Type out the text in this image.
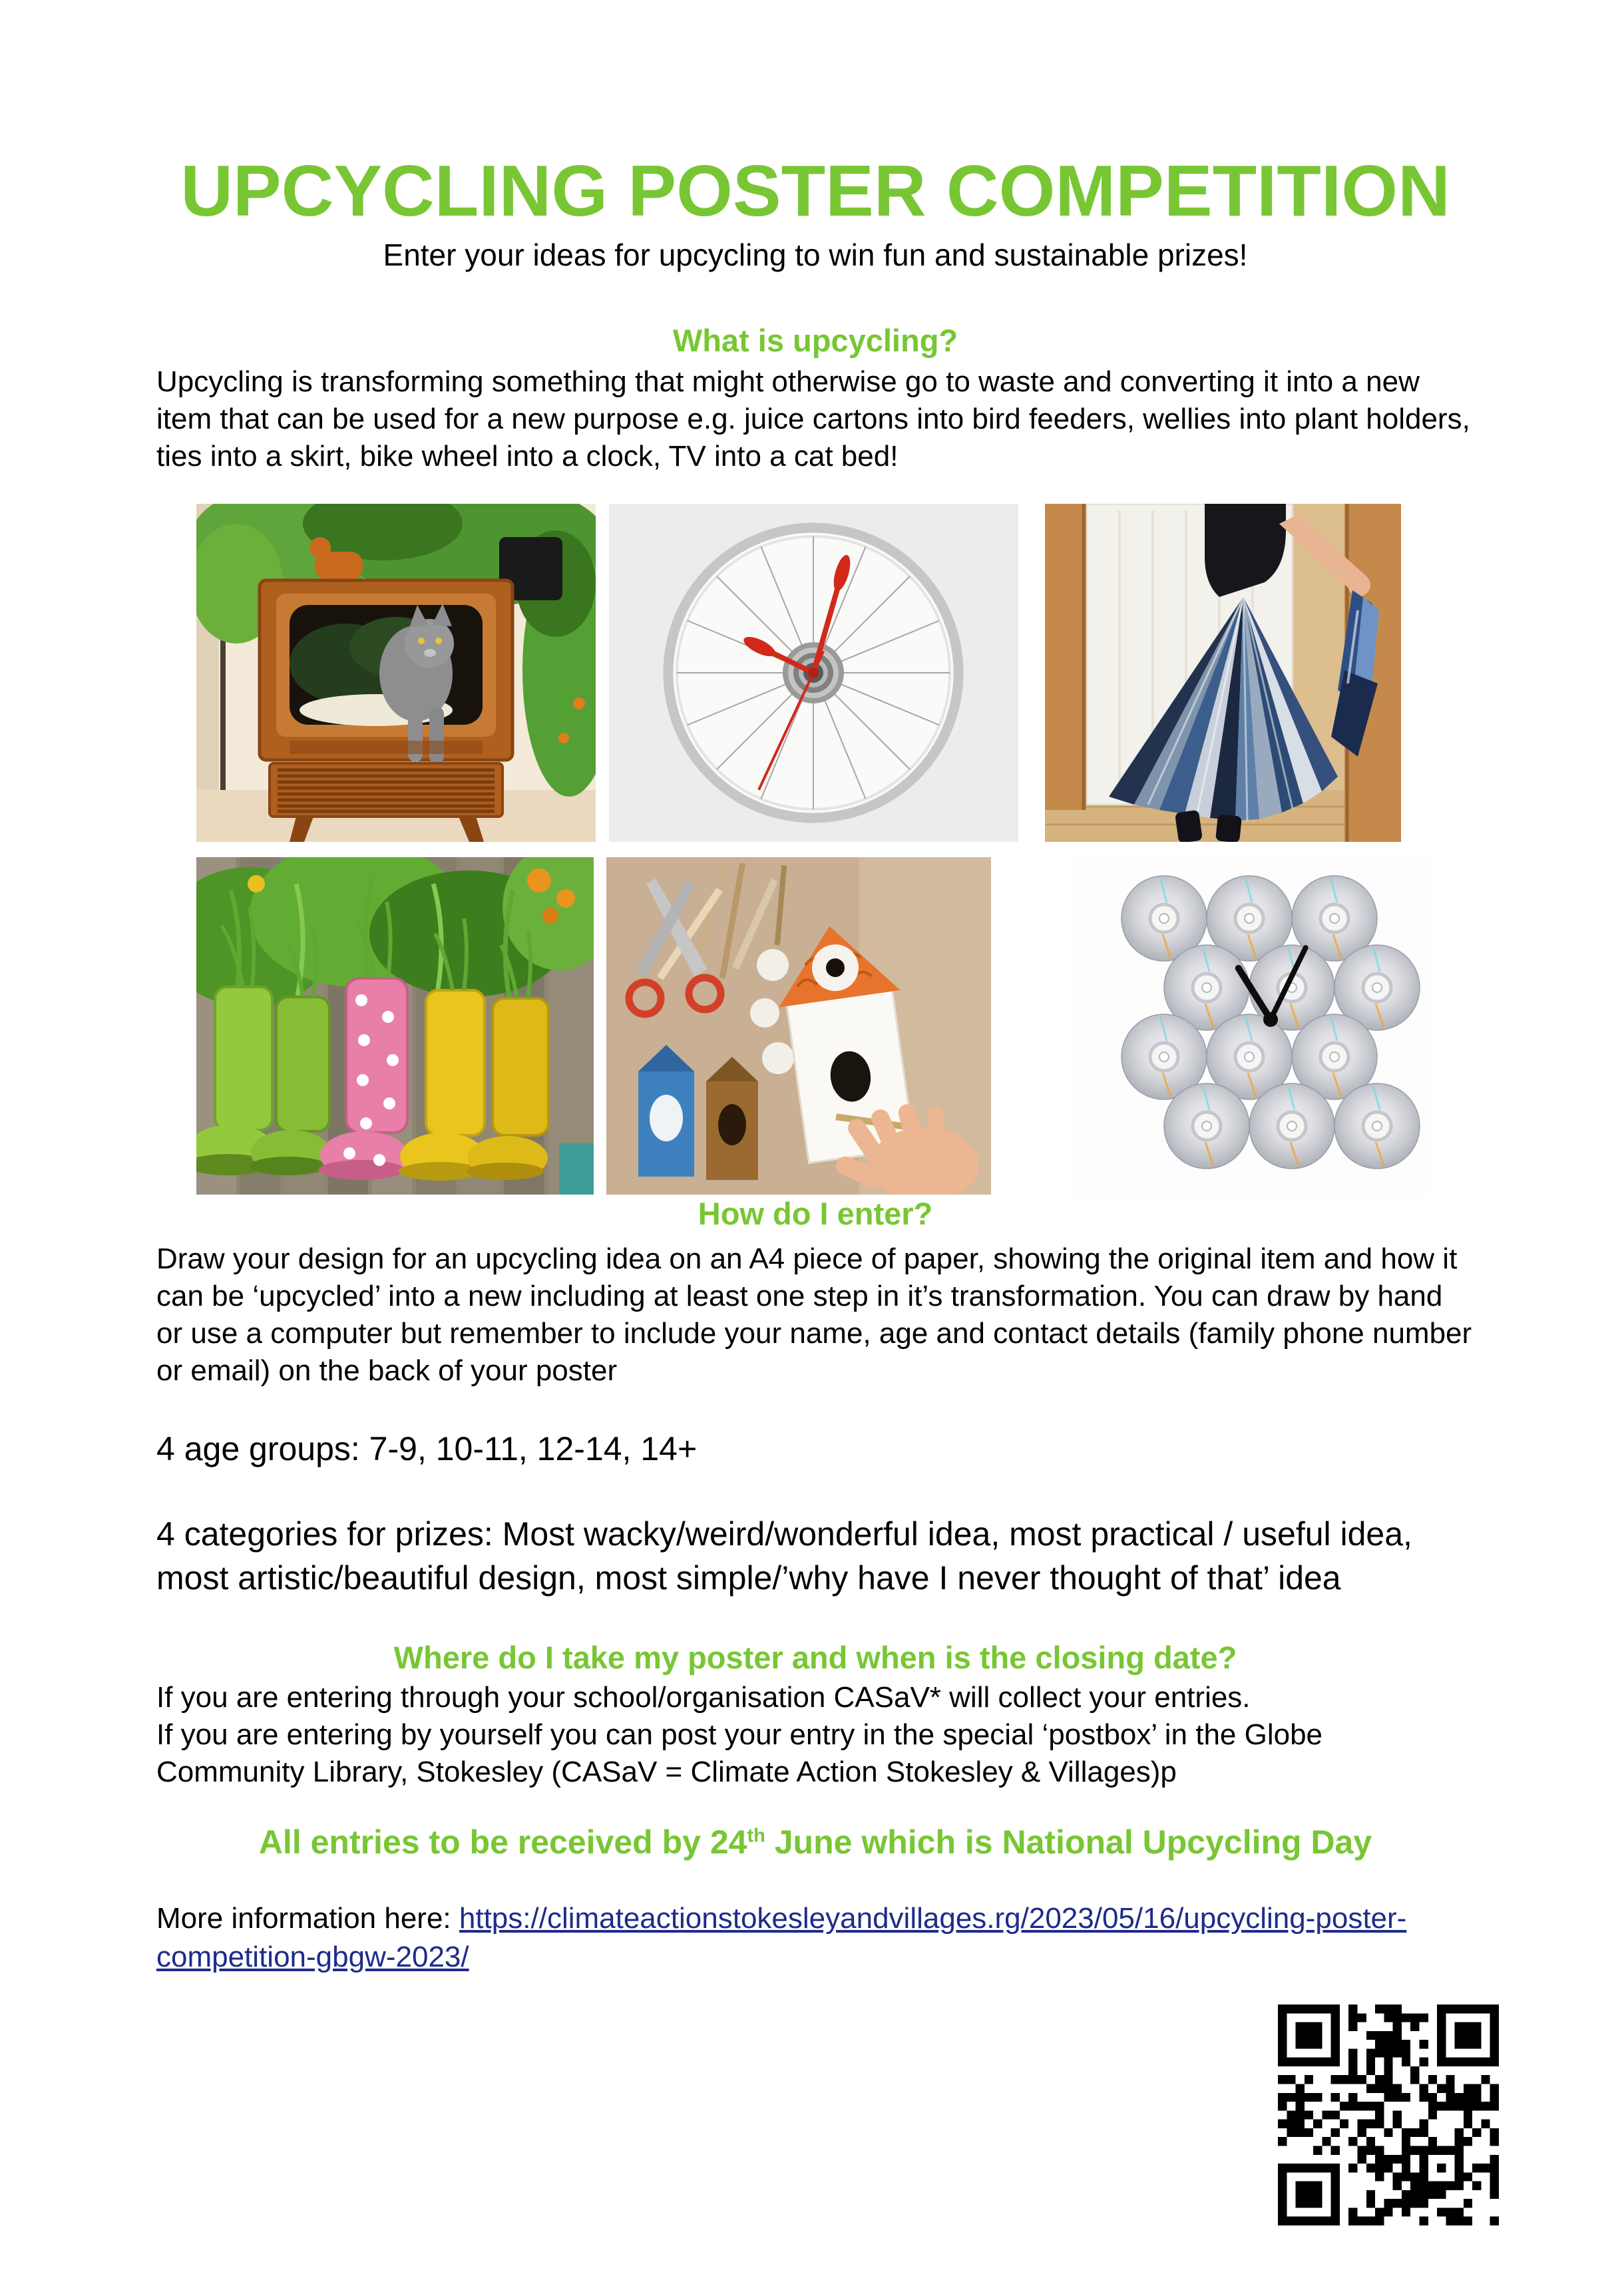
UPCYCLING POSTER COMPETITION

Enter your ideas for upcycling to win fun and sustainable prizes!

What is upcycling?

Upcycling is transforming something that might otherwise go to waste and converting it into a new item that can be used for a new purpose e.g. juice cartons into bird feeders, wellies into plant holders, ties into a skirt, bike wheel into a clock, TV into a cat bed!

How do I enter?

Draw your design for an upcycling idea on an A4 piece of paper, showing the original item and how it can be ‘upcycled’ into a new including at least one step in it’s transformation. You can draw by hand or use a computer but remember to include your name, age and contact details (family phone number or email) on the back of your poster

4 age groups: 7-9, 10-11, 12-14, 14+

4 categories for prizes: Most wacky/weird/wonderful idea, most practical / useful idea, most artistic/beautiful design, most simple/’why have I never thought of that’ idea

Where do I take my poster and when is the closing date?

If you are entering through your school/organisation CASaV* will collect your entries.

If you are entering by yourself you can post your entry in the special ‘postbox’ in the Globe Community Library, Stokesley (CASaV = Climate Action Stokesley & Villages)p

All entries to be received by 24th June which is National Upcycling Day

More information here: https://climateactionstokesleyandvillages.rg/2023/05/16/upcycling-poster-competition-gbgw-2023/
